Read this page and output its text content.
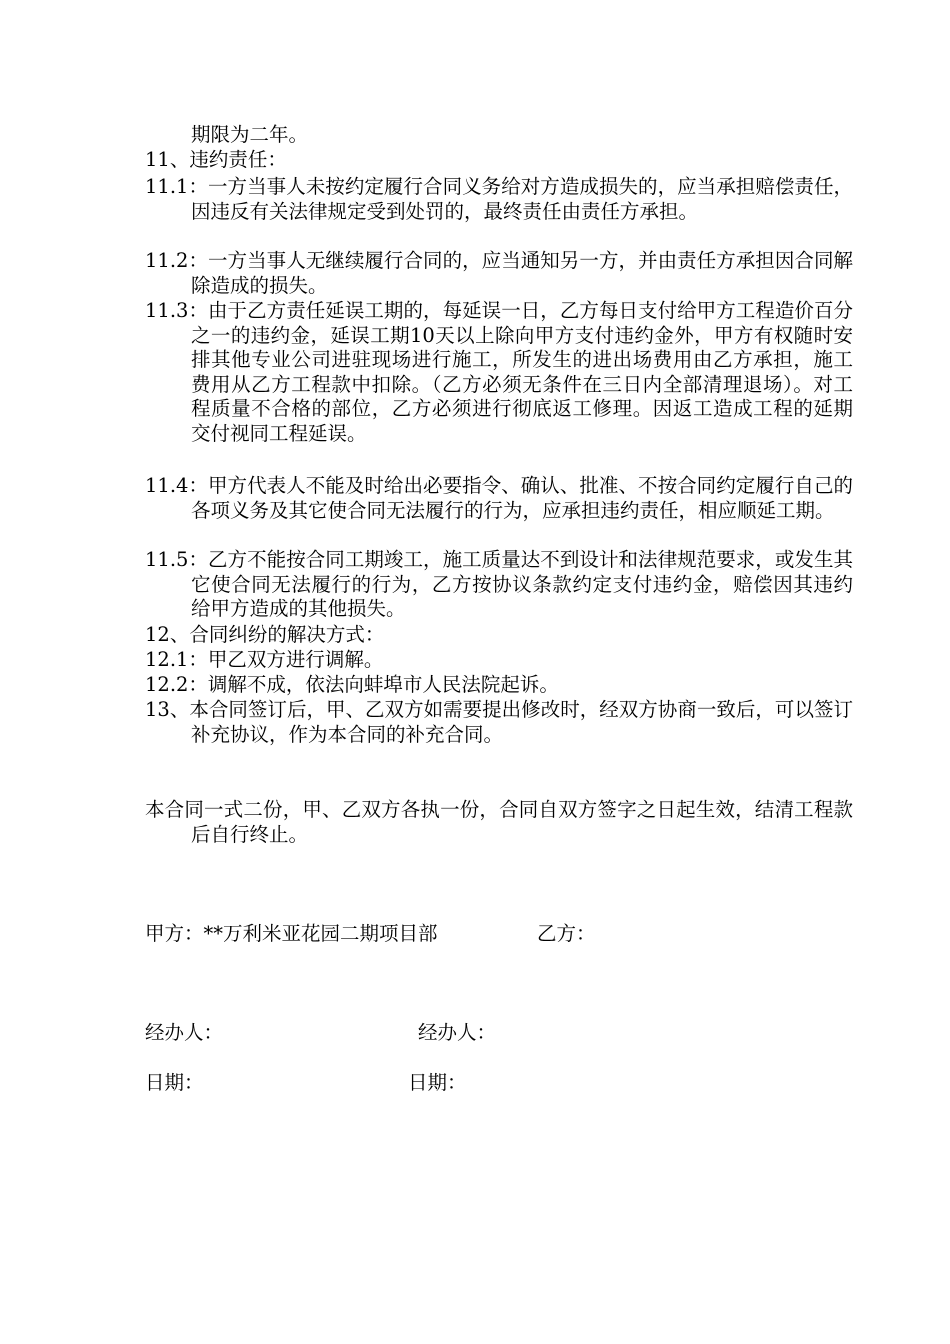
期限为二年。
11、违约责任：
11.1：一方当事人未按约定履行合同义务给对方造成损失的，应当承担赔偿责任，因违反有关法律规定受到处罚的，最终责任由责任方承担。
11.2：一方当事人无继续履行合同的，应当通知另一方，并由责任方承担因合同解除造成的损失。
11.3：由于乙方责任延误工期的，每延误一日，乙方每日支付给甲方工程造价百分之一的违约金，延误工期10天以上除向甲方支付违约金外，甲方有权随时安排其他专业公司进驻现场进行施工，所发生的进出场费用由乙方承担，施工费用从乙方工程款中扣除。（乙方必须无条件在三日内全部清理退场）。对工程质量不合格的部位，乙方必须进行彻底返工修理。因返工造成工程的延期交付视同工程延误。
11.4：甲方代表人不能及时给出必要指令、确认、批准、不按合同约定履行自己的各项义务及其它使合同无法履行的行为，应承担违约责任，相应顺延工期。
11.5：乙方不能按合同工期竣工，施工质量达不到设计和法律规范要求，或发生其它使合同无法履行的行为，乙方按协议条款约定支付违约金，赔偿因其违约给甲方造成的其他损失。
12、合同纠纷的解决方式：
12.1：甲乙双方进行调解。
12.2：调解不成，依法向蚌埠市人民法院起诉。
13、本合同签订后，甲、乙双方如需要提出修改时，经双方协商一致后，可以签订补充协议，作为本合同的补充合同。
本合同一式二份，甲、乙双方各执一份，合同自双方签字之日起生效，结清工程款后自行终止。
甲方：**万利米亚花园二期项目部	乙方：
经办人：	经办人：
日期：	日期：
